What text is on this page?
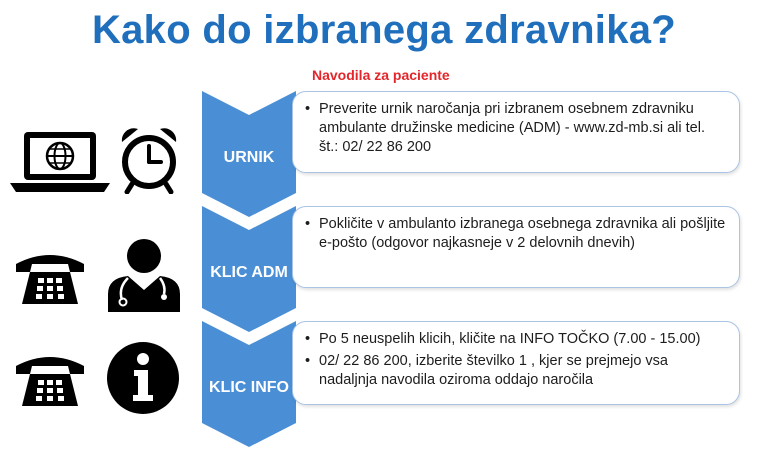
Kako do izbranega zdravnika?
Navodila za paciente
URNIK
• Preverite urnik naročanja pri izbranem osebnem zdravniku ambulante družinske medicine (ADM) - www.zd-mb.si ali tel. št.: 02/ 22 86 200
KLIC ADM
• Pokličite v ambulanto izbranega osebnega zdravnika ali pošljite e-pošto (odgovor najkasneje v 2 delovnih dnevih)
KLIC INFO
• Po 5 neuspelih klicih, kličite na INFO TOČKO (7.00 - 15.00)
• 02/ 22 86 200, izberite številko 1 , kjer se prejmejo vsa nadaljnja navodila oziroma oddajo naročila
